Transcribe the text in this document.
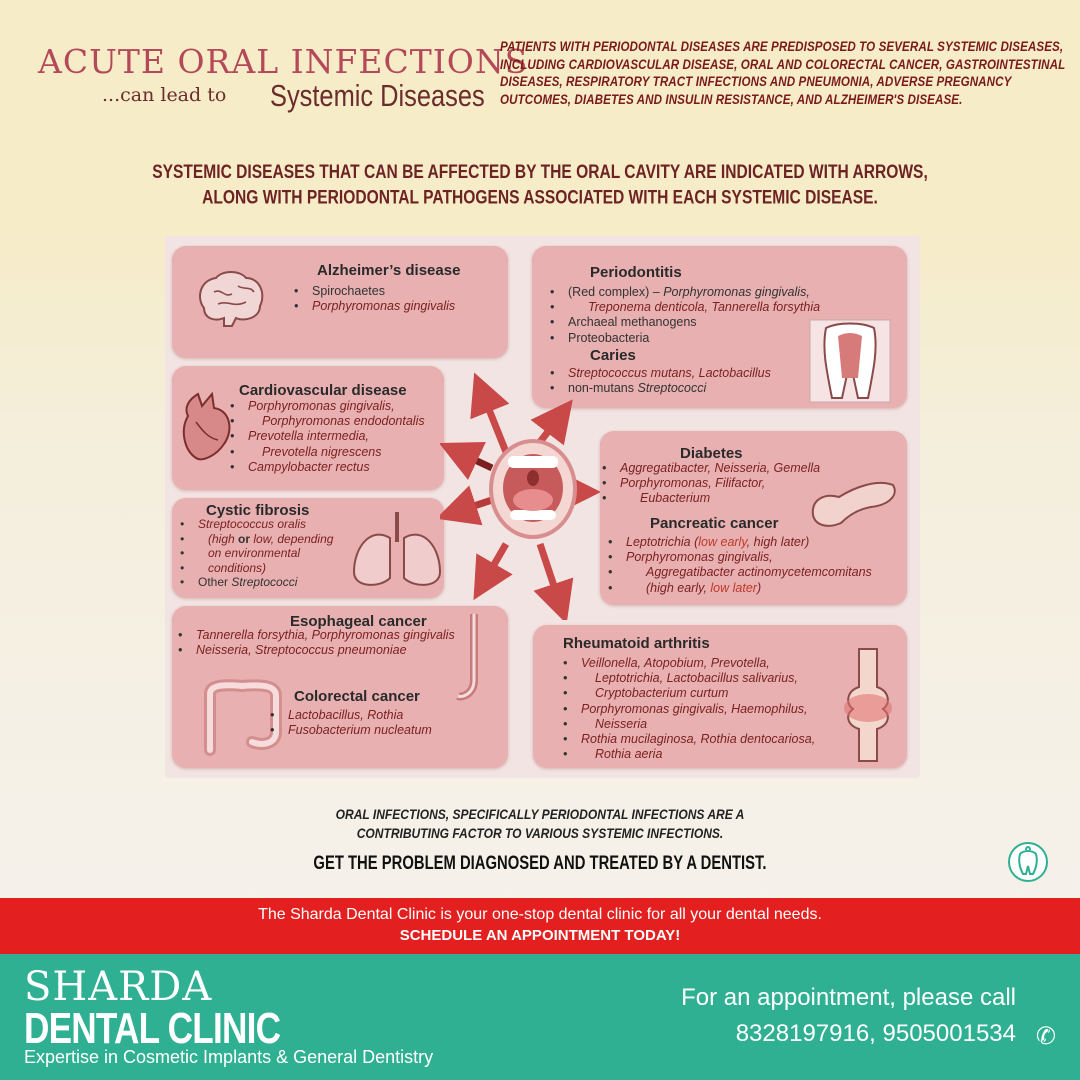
ACUTE ORAL INFECTIONS
...can lead to Systemic Diseases
PATIENTS WITH PERIODONTAL DISEASES ARE PREDISPOSED TO SEVERAL SYSTEMIC DISEASES, INCLUDING CARDIOVASCULAR DISEASE, ORAL AND COLORECTAL CANCER, GASTROINTESTINAL DISEASES, RESPIRATORY TRACT INFECTIONS AND PNEUMONIA, ADVERSE PREGNANCY OUTCOMES, DIABETES AND INSULIN RESISTANCE, AND ALZHEIMER'S DISEASE.
SYSTEMIC DISEASES THAT CAN BE AFFECTED BY THE ORAL CAVITY ARE INDICATED WITH ARROWS,
ALONG WITH PERIODONTAL PATHOGENS ASSOCIATED WITH EACH SYSTEMIC DISEASE.
Alzheimer’s disease
• Spirochaetes
• Porphyromonas gingivalis
Periodontitis
• (Red complex) – Porphyromonas gingivalis,
• Treponema denticola, Tannerella forsythia
• Archaeal methanogens
• Proteobacteria
Caries
• Streptococcus mutans, Lactobacillus
• non-mutans Streptococci
Cardiovascular disease
• Porphyromonas gingivalis,
• Porphyromonas endodontalis
• Prevotella intermedia,
• Prevotella nigrescens
• Campylobacter rectus
Cystic fibrosis
• Streptococcus oralis
• (high or low, depending
• on environmental
• conditions)
• Other Streptococci
Diabetes
• Aggregatibacter, Neisseria, Gemella
• Porphyromonas, Filifactor,
• Eubacterium
Pancreatic cancer
• Leptotrichia (low early, high later)
• Porphyromonas gingivalis,
• Aggregatibacter actinomycetemcomitans
• (high early, low later)
Esophageal cancer
• Tannerella forsythia, Porphyromonas gingivalis
• Neisseria, Streptococcus pneumoniae
Colorectal cancer
• Lactobacillus, Rothia
• Fusobacterium nucleatum
Rheumatoid arthritis
• Veillonella, Atopobium, Prevotella,
• Leptotrichia, Lactobacillus salivarius,
• Cryptobacterium curtum
• Porphyromonas gingivalis, Haemophilus,
• Neisseria
• Rothia mucilaginosa, Rothia dentocariosa,
• Rothia aeria
ORAL INFECTIONS, SPECIFICALLY PERIODONTAL INFECTIONS ARE A
CONTRIBUTING FACTOR TO VARIOUS SYSTEMIC INFECTIONS.
GET THE PROBLEM DIAGNOSED AND TREATED BY A DENTIST.
The Sharda Dental Clinic is your one-stop dental clinic for all your dental needs.
SCHEDULE AN APPOINTMENT TODAY!
SHARDA
DENTAL CLINIC
Expertise in Cosmetic Implants & General Dentistry
For an appointment, please call
8328197916, 9505001534 ✆
